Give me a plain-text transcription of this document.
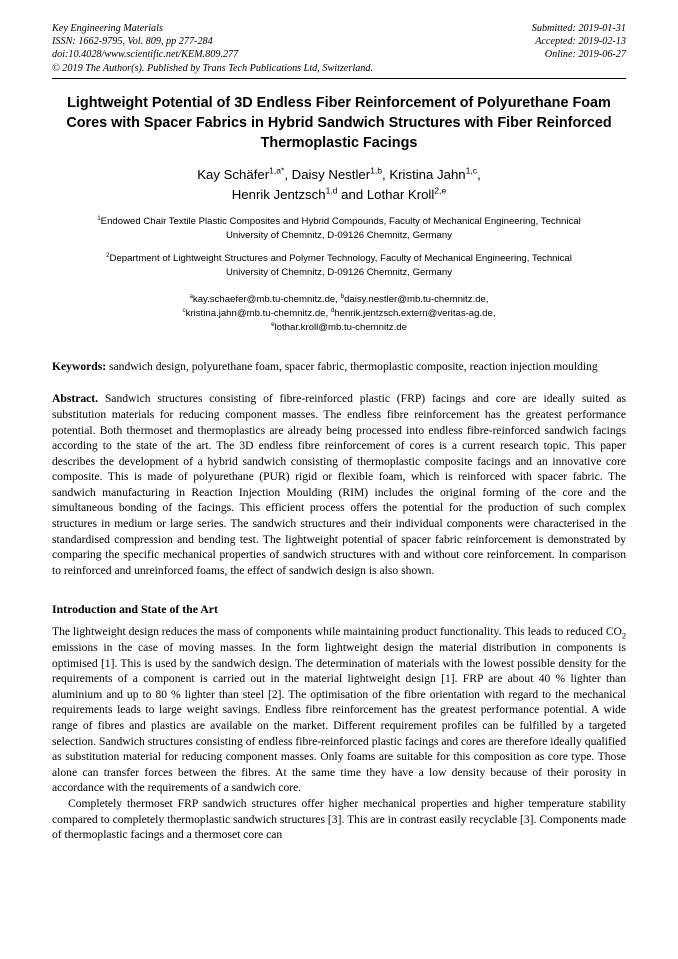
Key Engineering Materials	Submitted: 2019-01-31
ISSN: 1662-9795, Vol. 809, pp 277-284	Accepted: 2019-02-13
doi:10.4028/www.scientific.net/KEM.809.277	Online: 2019-06-27
© 2019 The Author(s). Published by Trans Tech Publications Ltd, Switzerland.
Lightweight Potential of 3D Endless Fiber Reinforcement of Polyurethane Foam Cores with Spacer Fabrics in Hybrid Sandwich Structures with Fiber Reinforced Thermoplastic Facings
Kay Schäfer$^{1,a*}$, Daisy Nestler$^{1,b}$, Kristina Jahn$^{1,c}$,
Henrik Jentzsch$^{1,d}$ and Lothar Kroll$^{2,e}$
$^1$Endowed Chair Textile Plastic Composites and Hybrid Compounds, Faculty of Mechanical Engineering, Technical University of Chemnitz, D-09126 Chemnitz, Germany
$^2$Department of Lightweight Structures and Polymer Technology, Faculty of Mechanical Engineering, Technical University of Chemnitz, D-09126 Chemnitz, Germany
$^a$kay.schaefer@mb.tu-chemnitz.de, $^b$daisy.nestler@mb.tu-chemnitz.de,
$^c$kristina.jahn@mb.tu-chemnitz.de, $^d$henrik.jentzsch.extern@veritas-ag.de,
$^e$lothar.kroll@mb.tu-chemnitz.de
Keywords: sandwich design, polyurethane foam, spacer fabric, thermoplastic composite, reaction injection moulding
Abstract. Sandwich structures consisting of fibre-reinforced plastic (FRP) facings and core are ideally suited as substitution materials for reducing component masses. The endless fibre reinforcement has the greatest performance potential. Both thermoset and thermoplastics are already being processed into endless fibre-reinforced sandwich facings according to the state of the art. The 3D endless fibre reinforcement of cores is a current research topic. This paper describes the development of a hybrid sandwich consisting of thermoplastic composite facings and an innovative core composite. This is made of polyurethane (PUR) rigid or flexible foam, which is reinforced with spacer fabric. The sandwich manufacturing in Reaction Injection Moulding (RIM) includes the original forming of the core and the simultaneous bonding of the facings. This efficient process offers the potential for the production of such complex structures in medium or large series. The sandwich structures and their individual components were characterised in the standardised compression and bending test. The lightweight potential of spacer fabric reinforcement is demonstrated by comparing the specific mechanical properties of sandwich structures with and without core reinforcement. In comparison to reinforced and unreinforced foams, the effect of sandwich design is also shown.
Introduction and State of the Art
The lightweight design reduces the mass of components while maintaining product functionality. This leads to reduced $CO_2$ emissions in the case of moving masses. In the form lightweight design the material distribution in components is optimised [1]. This is used by the sandwich design. The determination of materials with the lowest possible density for the requirements of a component is carried out in the material lightweight design [1]. FRP are about 40 % lighter than aluminium and up to 80 % lighter than steel [2]. The optimisation of the fibre orientation with regard to the mechanical requirements leads to large weight savings. Endless fibre reinforcement has the greatest performance potential. A wide range of fibres and plastics are available on the market. Different requirement profiles can be fulfilled by a targeted selection. Sandwich structures consisting of endless fibre-reinforced plastic facings and cores are therefore ideally qualified as substitution material for reducing component masses. Only foams are suitable for this composition as core type. Those alone can transfer forces between the fibres. At the same time they have a low density because of their porosity in accordance with the requirements of a sandwich core.
Completely thermoset FRP sandwich structures offer higher mechanical properties and higher temperature stability compared to completely thermoplastic sandwich structures [3]. This are in contrast easily recyclable [3]. Components made of thermoplastic facings and a thermoset core can
